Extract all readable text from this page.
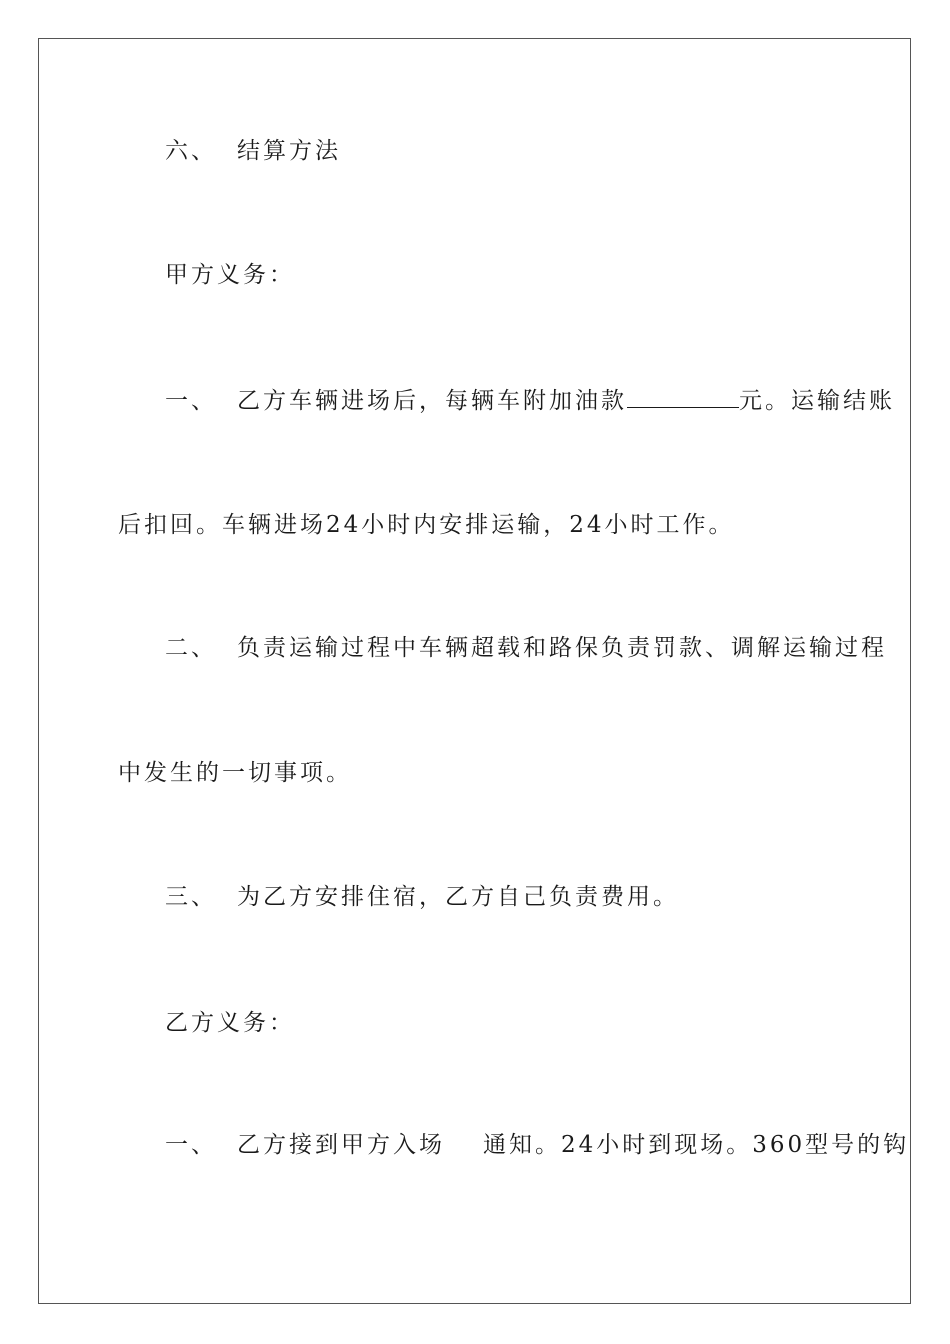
六、 结算方法
甲方义务：
一、 乙方车辆进场后，每辆车附加油款	元。运输结账
后扣回。车辆进场24小时内安排运输，24小时工作。
二、 负责运输过程中车辆超载和路保负责罚款、调解运输过程
中发生的一切事项。
三、 为乙方安排住宿，乙方自己负责费用。
乙方义务：
一、 乙方接到甲方入场 通知。24小时到现场。360型号的钩
